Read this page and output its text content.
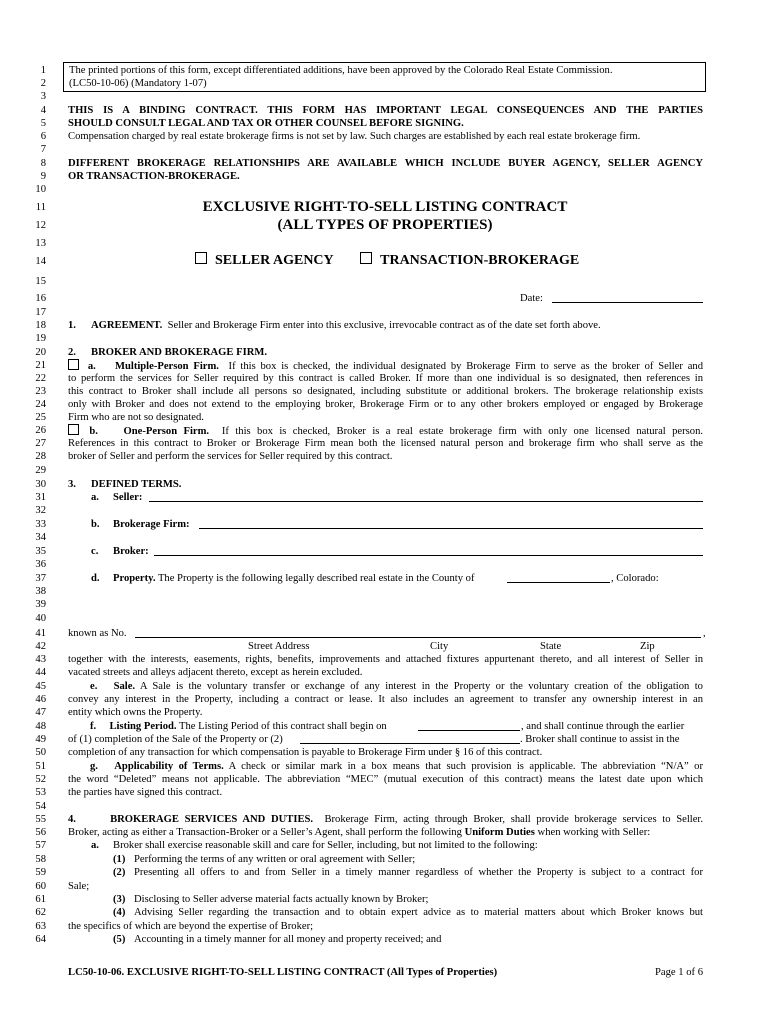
1
2
3
4
5
6
7
8
9
10
11
12
13
14
15
16
17
18
19
20
21
22
23
24
25
26
27
28
29
30
31
32
33
34
35
36
37
38
39
40
41
42
43
44
45
46
47
48
49
50
51
52
53
54
55
56
57
58
59
60
61
62
63
64
The printed portions of this form, except differentiated additions, have been approved by the Colorado Real Estate Commission.
(LC50-10-06) (Mandatory 1-07)
THIS IS A BINDING CONTRACT. THIS FORM HAS IMPORTANT LEGAL CONSEQUENCES AND THE PARTIES
SHOULD CONSULT LEGAL AND TAX OR OTHER COUNSEL BEFORE SIGNING.
Compensation charged by real estate brokerage firms is not set by law. Such charges are established by each real estate brokerage firm.
DIFFERENT BROKERAGE RELATIONSHIPS ARE AVAILABLE WHICH INCLUDE BUYER AGENCY, SELLER AGENCY
OR TRANSACTION-BROKERAGE.
EXCLUSIVE RIGHT-TO-SELL LISTING CONTRACT
(ALL TYPES OF PROPERTIES)
SELLER AGENCY	TRANSACTION-BROKERAGE
Date:
1. AGREEMENT. Seller and Brokerage Firm enter into this exclusive, irrevocable contract as of the date set forth above.
2. BROKER AND BROKERAGE FIRM.
a. Multiple-Person Firm. If this box is checked, the individual designated by Brokerage Firm to serve as the broker of Seller and
to perform the services for Seller required by this contract is called Broker. If more than one individual is so designated, then references in
this contract to Broker shall include all persons so designated, including substitute or additional brokers. The brokerage relationship exists
only with Broker and does not extend to the employing broker, Brokerage Firm or to any other brokers employed or engaged by Brokerage
Firm who are not so designated.
b. One-Person Firm. If this box is checked, Broker is a real estate brokerage firm with only one licensed natural person.
References in this contract to Broker or Brokerage Firm mean both the licensed natural person and brokerage firm who shall serve as the
broker of Seller and perform the services for Seller required by this contract.
3. DEFINED TERMS.
a. Seller:
b. Brokerage Firm:
c. Broker:
d. Property. The Property is the following legally described real estate in the County of	, Colorado:
known as No.	,
Street Address	City	State	Zip
together with the interests, easements, rights, benefits, improvements and attached fixtures appurtenant thereto, and all interest of Seller in
vacated streets and alleys adjacent thereto, except as herein excluded.
e. Sale. A Sale is the voluntary transfer or exchange of any interest in the Property or the voluntary creation of the obligation to
convey any interest in the Property, including a contract or lease. It also includes an agreement to transfer any ownership interest in an
entity which owns the Property.
f. Listing Period. The Listing Period of this contract shall begin on	, and shall continue through the earlier
of (1) completion of the Sale of the Property or (2)	. Broker shall continue to assist in the
completion of any transaction for which compensation is payable to Brokerage Firm under § 16 of this contract.
g. Applicability of Terms. A check or similar mark in a box means that such provision is applicable. The abbreviation “N/A” or
the word “Deleted” means not applicable. The abbreviation “MEC” (mutual execution of this contract) means the latest date upon which
the parties have signed this contract.
4.	BROKERAGE SERVICES AND DUTIES. Brokerage Firm, acting through Broker, shall provide brokerage services to Seller.
Broker, acting as either a Transaction-Broker or a Seller’s Agent, shall perform the following Uniform Duties when working with Seller:
a. Broker shall exercise reasonable skill and care for Seller, including, but not limited to the following:
(1) Performing the terms of any written or oral agreement with Seller;
(2) Presenting all offers to and from Seller in a timely manner regardless of whether the Property is subject to a contract for
Sale;
(3) Disclosing to Seller adverse material facts actually known by Broker;
(4) Advising Seller regarding the transaction and to obtain expert advice as to material matters about which Broker knows but
the specifics of which are beyond the expertise of Broker;
(5) Accounting in a timely manner for all money and property received; and
LC50-10-06. EXCLUSIVE RIGHT-TO-SELL LISTING CONTRACT (All Types of Properties)	Page 1 of 6
